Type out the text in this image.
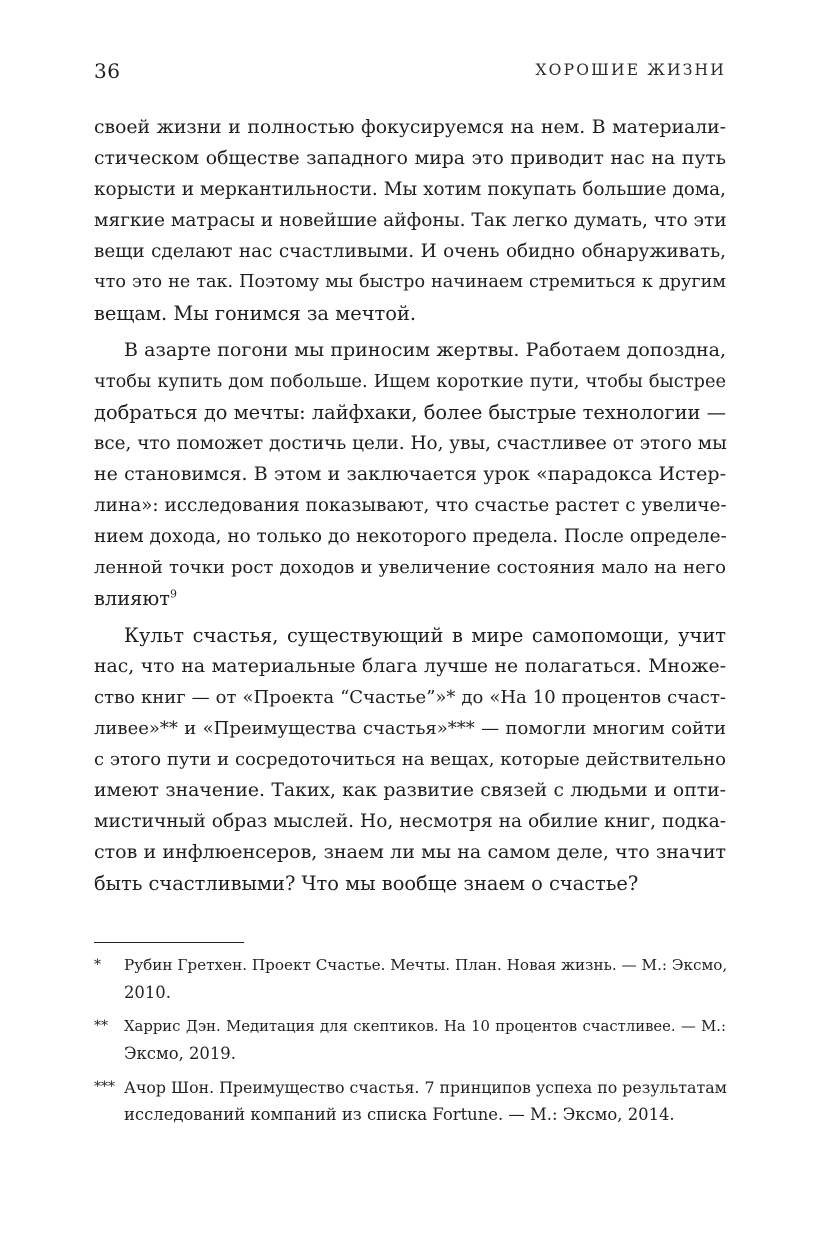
36	ХОРОШИЕ ЖИЗНИ

своей жизни и полностью фокусируемся на нем. В материали-
стическом обществе западного мира это приводит нас на путь
корысти и меркантильности. Мы хотим покупать большие дома,
мягкие матрасы и новейшие айфоны. Так легко думать, что эти
вещи сделают нас счастливыми. И очень обидно обнаруживать,
что это не так. Поэтому мы быстро начинаем стремиться к другим
вещам. Мы гонимся за мечтой.

В азарте погони мы приносим жертвы. Работаем допоздна,
чтобы купить дом побольше. Ищем короткие пути, чтобы быстрее
добраться до мечты: лайфхаки, более быстрые технологии —
все, что поможет достичь цели. Но, увы, счастливее от этого мы
не становимся. В этом и заключается урок «парадокса Истер-
лина»: исследования показывают, что счастье растет с увеличе-
нием дохода, но только до некоторого предела. После определе-
ленной точки рост доходов и увеличение состояния мало на него
влияют$^9$

Культ счастья, существующий в мире самопомощи, учит
нас, что на материальные блага лучше не полагаться. Множе-
ство книг — от «Проекта “Счастье”»* до «На 10 процентов счаст-
ливее»** и «Преимущества счастья»*** — помогли многим сойти
с этого пути и сосредоточиться на вещах, которые действительно
имеют значение. Таких, как развитие связей с людьми и опти-
мистичный образ мыслей. Но, несмотря на обилие книг, подка-
стов и инфлюенсеров, знаем ли мы на самом деле, что значит
быть счастливыми? Что мы вообще знаем о счастье?

* Рубин Гретхен. Проект Счастье. Мечты. План. Новая жизнь. — М.: Эксмо,
2010.
** Харрис Дэн. Медитация для скептиков. На 10 процентов счастливее. — М.:
Эксмо, 2019.
*** Ачор Шон. Преимущество счастья. 7 принципов успеха по результатам
исследований компаний из списка Fortune. — М.: Эксмо, 2014.
